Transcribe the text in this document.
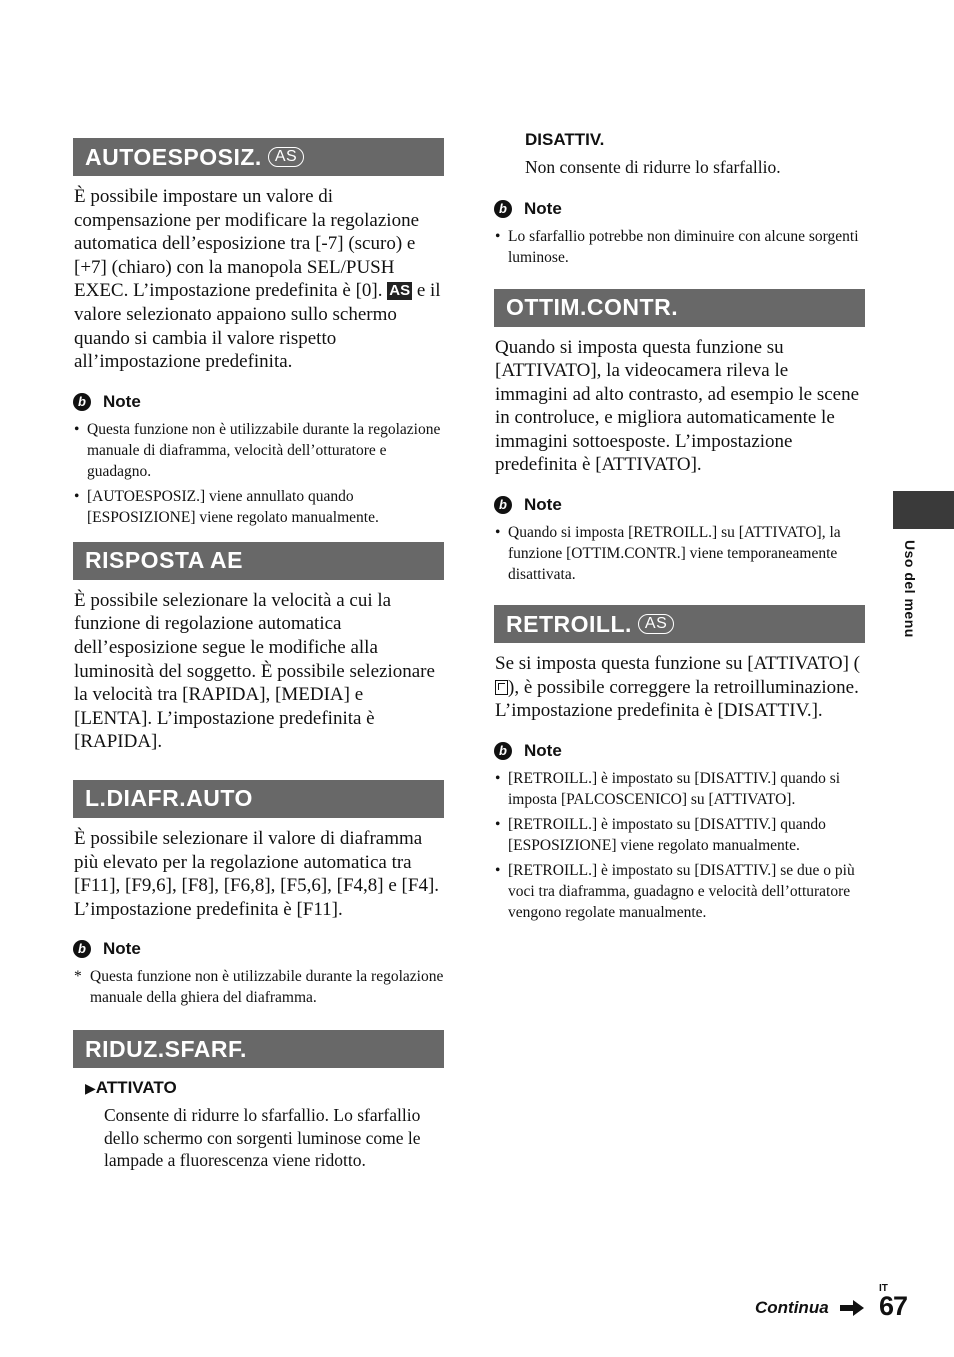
AUTOESPOSIZ. AS
È possibile impostare un valore di compensazione per modificare la regolazione automatica dell’esposizione tra [-7] (scuro) e [+7] (chiaro) con la manopola SEL/PUSH EXEC. L’impostazione predefinita è [0]. AS e il valore selezionato appaiono sullo schermo quando si cambia il valore rispetto all’impostazione predefinita.
b Note
• Questa funzione non è utilizzabile durante la regolazione manuale di diaframma, velocità dell’otturatore e guadagno.
• [AUTOESPOSIZ.] viene annullato quando [ESPOSIZIONE] viene regolato manualmente.
RISPOSTA AE
È possibile selezionare la velocità a cui la funzione di regolazione automatica dell’esposizione segue le modifiche alla luminosità del soggetto. È possibile selezionare la velocità tra [RAPIDA], [MEDIA] e [LENTA]. L’impostazione predefinita è [RAPIDA].
L.DIAFR.AUTO
È possibile selezionare il valore di diaframma più elevato per la regolazione automatica tra [F11], [F9,6], [F8], [F6,8], [F5,6], [F4,8] e [F4]. L’impostazione predefinita è [F11].
b Note
* Questa funzione non è utilizzabile durante la regolazione manuale della ghiera del diaframma.
RIDUZ.SFARF.
▶ATTIVATO
Consente di ridurre lo sfarfallio. Lo sfarfallio dello schermo con sorgenti luminose come le lampade a fluorescenza viene ridotto.
DISATTIV.
Non consente di ridurre lo sfarfallio.
b Note
• Lo sfarfallio potrebbe non diminuire con alcune sorgenti luminose.
OTTIM.CONTR.
Quando si imposta questa funzione su [ATTIVATO], la videocamera rileva le immagini ad alto contrasto, ad esempio le scene in controluce, e migliora automaticamente le immagini sottoesposte. L’impostazione predefinita è [ATTIVATO].
b Note
• Quando si imposta [RETROILL.] su [ATTIVATO], la funzione [OTTIM.CONTR.] viene temporaneamente disattivata.
RETROILL. AS
Se si imposta questa funzione su [ATTIVATO] (), è possibile correggere la retroilluminazione. L’impostazione predefinita è [DISATTIV.].
b Note
• [RETROILL.] è impostato su [DISATTIV.] quando si imposta [PALCOSCENICO] su [ATTIVATO].
• [RETROILL.] è impostato su [DISATTIV.] quando [ESPOSIZIONE] viene regolato manualmente.
• [RETROILL.] è impostato su [DISATTIV.] se due o più voci tra diaframma, guadagno e velocità dell’otturatore vengono regolate manualmente.
Uso del menu
Continua
IT
67
